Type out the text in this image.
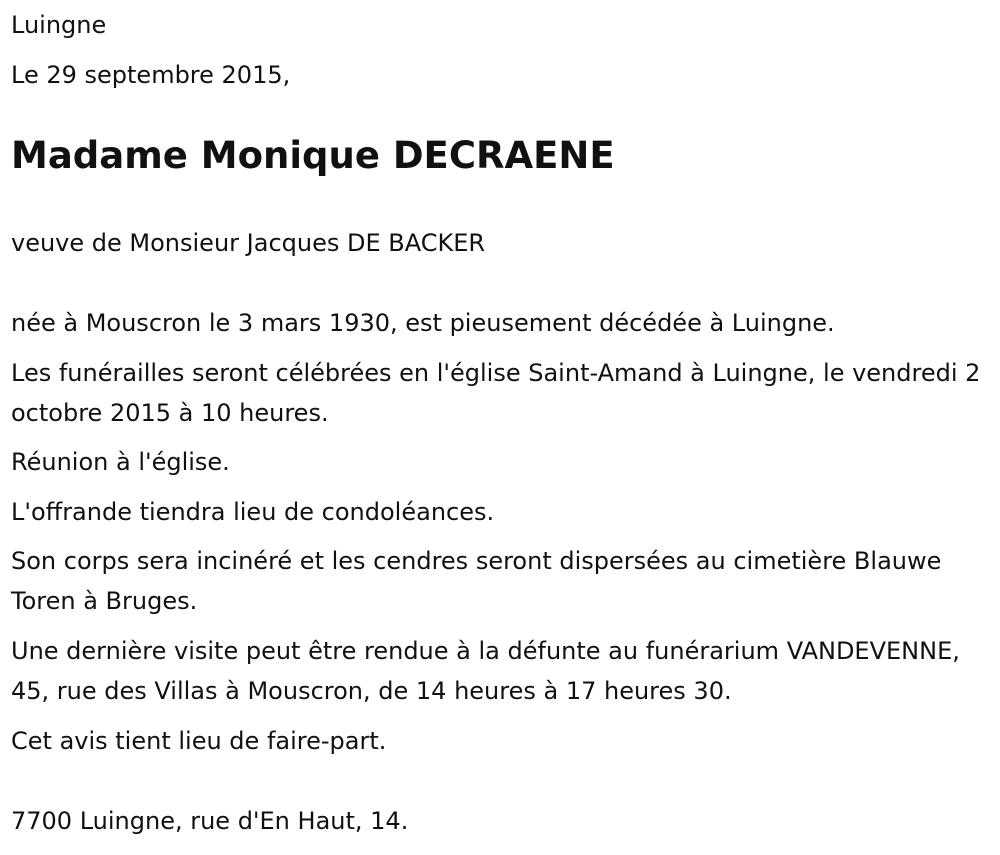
Luingne

Le 29 septembre 2015,

Madame Monique DECRAENE

veuve de Monsieur Jacques DE BACKER

née à Mouscron le 3 mars 1930, est pieusement décédée à Luingne.

Les funérailles seront célébrées en l'église Saint-Amand à Luingne, le vendredi 2 octobre 2015 à 10 heures.

Réunion à l'église.

L'offrande tiendra lieu de condoléances.

Son corps sera incinéré et les cendres seront dispersées au cimetière Blauwe Toren à Bruges.

Une dernière visite peut être rendue à la défunte au funérarium VANDEVENNE, 45, rue des Villas à Mouscron, de 14 heures à 17 heures 30.

Cet avis tient lieu de faire-part.

7700 Luingne, rue d'En Haut, 14.
